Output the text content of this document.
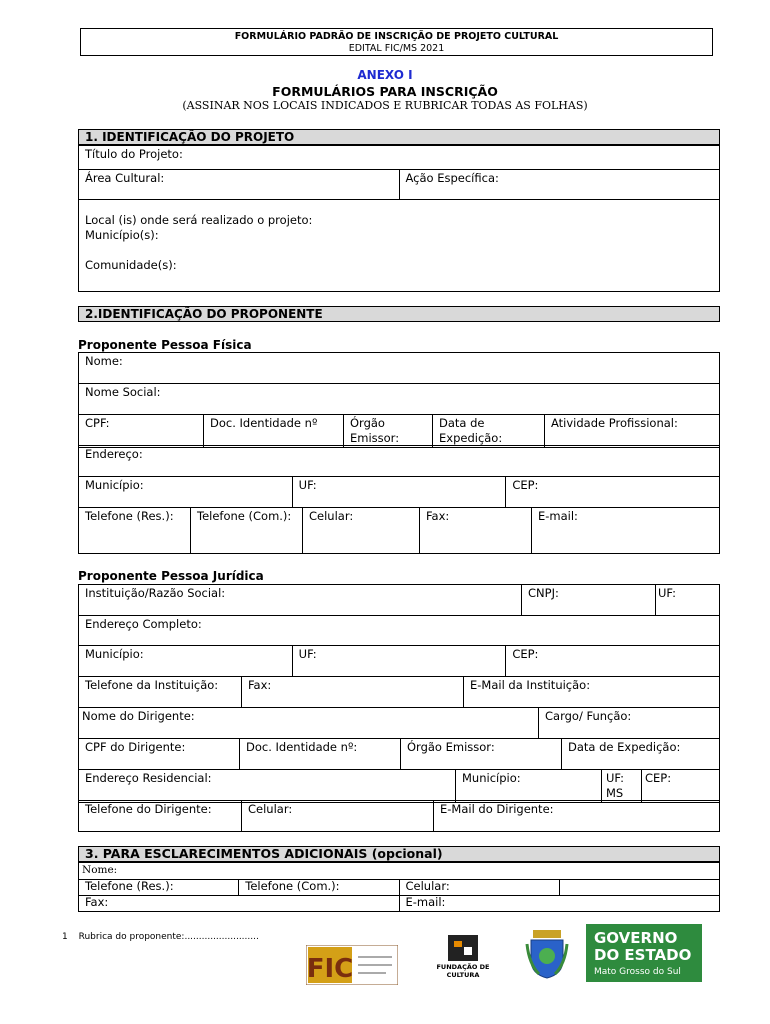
FORMULÁRIO PADRÃO DE INSCRIÇÃO DE PROJETO CULTURAL
EDITAL FIC/MS 2021
ANEXO I
FORMULÁRIOS PARA INSCRIÇÃO
(ASSINAR NOS LOCAIS INDICADOS E RUBRICAR TODAS AS FOLHAS)
1. IDENTIFICAÇÃO DO PROJETO
Título do Projeto:
Área Cultural:	Ação Específica:

Local (is) onde será realizado o projeto:
Município(s):
Comunidade(s):
2.IDENTIFICAÇÃO DO PROPONENTE
Proponente Pessoa Física
Nome:
Nome Social:
CPF:	Doc. Identidade nº	Órgão Emissor:	Data de Expedição:	Atividade Profissional:
Endereço:
Município:	UF:	CEP:
Telefone (Res.):	Telefone (Com.):	Celular:	Fax:	E-mail:
Proponente Pessoa Jurídica
Instituição/Razão Social:	CNPJ:	UF:
Endereço Completo:
Município:	UF:	CEP:
Telefone da Instituição:	Fax:	E-Mail da Instituição:
Nome do Dirigente:	Cargo/ Função:
CPF do Dirigente:	Doc. Identidade nº:	Órgão Emissor:	Data de Expedição:
Endereço Residencial:	Município:	UF: MS	CEP:
Telefone do Dirigente:	Celular:	E-Mail do Dirigente:
3. PARA ESCLARECIMENTOS ADICIONAIS (opcional)
Nome:			
Telefone (Res.):	Telefone (Com.):	Celular:	
Fax:		E-mail:	
1 Rubrica do proponente:..........................
FIC	FUNDAÇÃO DE CULTURA
GOVERNO
DO ESTADO
Mato Grosso do Sul
